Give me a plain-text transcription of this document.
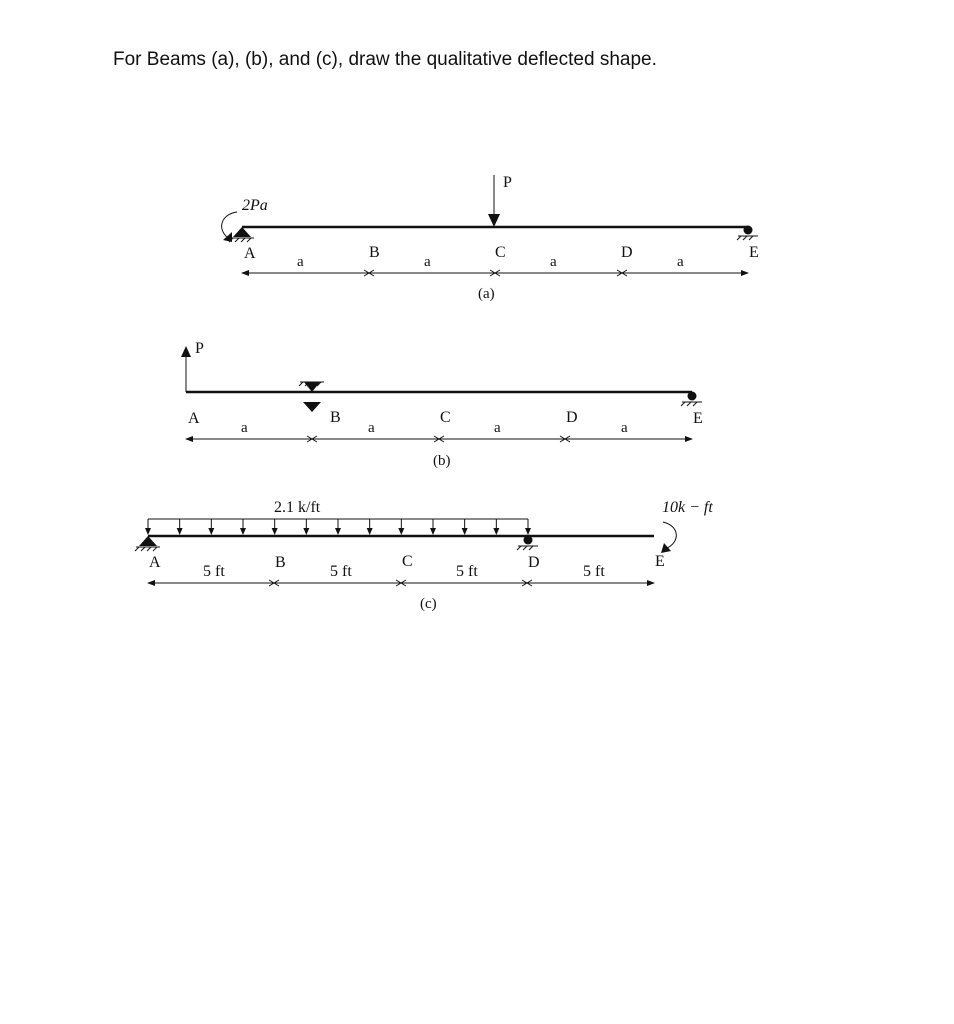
For Beams (a), (b), and (c), draw the qualitative deflected shape.
2Pa
P
A	B	C	D	E
a	a	a	a
(a)
P
A	B	C	D	E
a	a	a	a
(b)
2.1 k/ft	10k − ft
A	B	C	D	E
5 ft	5 ft	5 ft	5 ft
(c)
